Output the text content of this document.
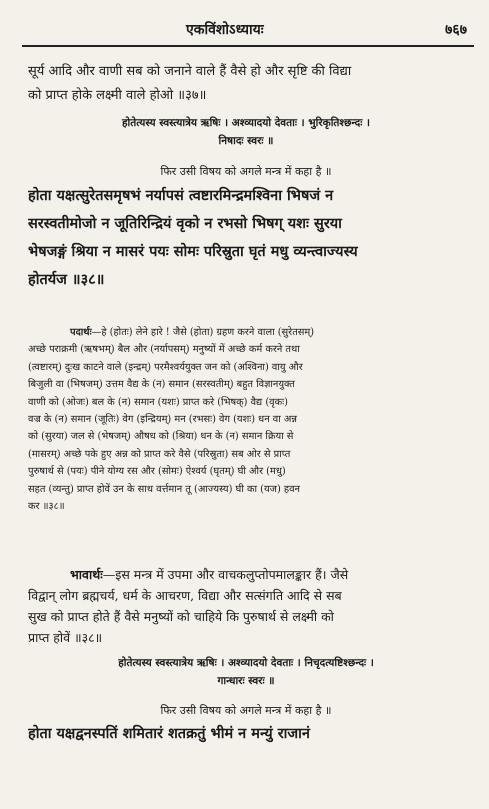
एकविंशोऽध्यायः	७६७
सूर्य आदि और वाणी सब को जनाने वाले हैं वैसे हो और सृष्टि की विद्या
को प्राप्त होके लक्ष्मी वाले होओ ॥३७॥
होतेत्यस्य स्वस्त्यात्रेय ऋषिः । अश्व्यादयो देवताः । भुरिकृतिश्छन्दः ।
निषादः स्वरः ॥
फिर उसी विषय को अगले मन्त्र में कहा है ॥
होता यक्षत्सुरेतसमृषभं नर्यापसं त्वष्टारमिन्द्रमश्विना भिषजं न
सरस्वतीमोजो न जूतिरिन्द्रियं वृको न रभसो भिषग् यशः सुरया
भेषजङ्गं श्रिया न मासरं पयः सोमः परिस्रुता घृतं मधु व्यन्त्वाज्यस्य
होतर्यज ॥३८॥
पदार्थः—हे (होतः) लेने हारे ! जैसे (होता) ग्रहण करने वाला (सुरेतसम्)
अच्छे पराक्रमी (ऋषभम्) बैल और (नर्यापसम्) मनुष्यों में अच्छे कर्म करने तथा
(त्वष्टारम्) दुःख काटने वाले (इन्द्रम्) परमैश्वर्ययुक्त जन को (अश्विना) वायु और
बिजुली वा (भिषजम्) उत्तम वैद्य के (न) समान (सरस्वतीम्) बहुत विज्ञानयुक्त
वाणी को (ओजः) बल के (न) समान (यशः) प्राप्त करे (भिषक्) वैद्य (वृकः)
वज्र के (न) समान (जूतिः) वेग (इन्द्रियम्) मन (रभसः) वेग (यशः) धन वा अन्न
को (सुरया) जल से (भेषजम्) औषध को (श्रिया) धन के (न) समान क्रिया से
(मासरम्) अच्छे पके हुए अन्न को प्राप्त करे वैसे (परिस्रुता) सब ओर से प्राप्त
पुरुषार्थ से (पयः) पीने योग्य रस और (सोमः) ऐश्वर्य (घृतम्) घी और (मधु)
सहत (व्यन्तु) प्राप्त होवें उन के साथ वर्त्तमान तू (आज्यस्य) घी का (यज) हवन
कर ॥३८॥
भावार्थः—इस मन्त्र में उपमा और वाचकलुप्तोपमालङ्कार हैं। जैसे
विद्वान् लोग ब्रह्मचर्य, धर्म के आचरण, विद्या और सत्संगति आदि से सब
सुख को प्राप्त होते हैं वैसे मनुष्यों को चाहिये कि पुरुषार्थ से लक्ष्मी को
प्राप्त होवें ॥३८॥
होतेत्यस्य स्वस्त्यात्रेय ऋषिः । अश्व्यादयो देवताः । निचृदत्यष्टिश्छन्दः ।
गान्धारः स्वरः ॥
फिर उसी विषय को अगले मन्त्र में कहा है ॥
होता यक्षद्वनस्पतिं शमितारं शतक्रतुं भीमं न मन्युं राजानं
